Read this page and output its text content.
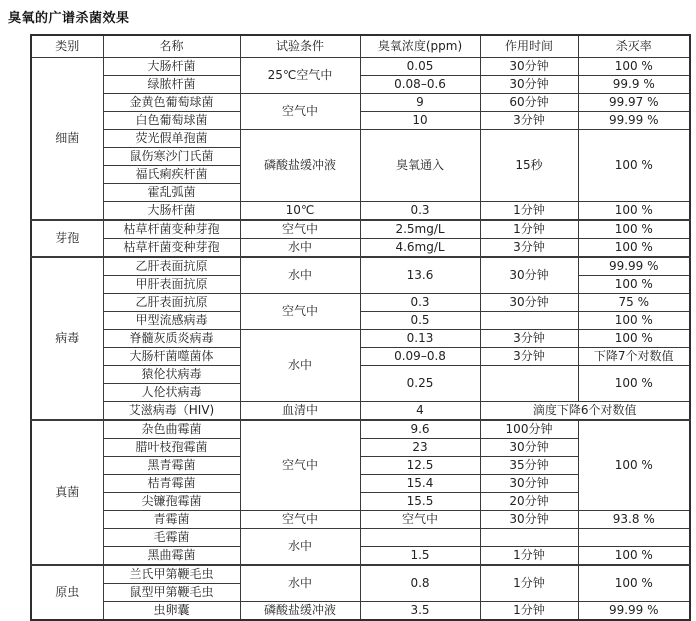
臭氧的广谱杀菌效果
类别	名称	试验条件	臭氧浓度(ppm)	作用时间	杀灭率
细菌	大肠杆菌	25℃空气中	0.05	30分钟	100 %
	绿脓杆菌		0.08–0.6	30分钟	99.9 %
	金黄色葡萄球菌	空气中	9	60分钟	99.97 %
	白色葡萄球菌		10	3分钟	99.99 %
	荧光假单孢菌	磷酸盐缓冲液	臭氧通入	15秒	100 %
	鼠伤寒沙门氏菌				
	福氏痢疾杆菌				
	霍乱弧菌				
	大肠杆菌	10℃	0.3	1分钟	100 %
芽孢	枯草杆菌变种芽孢	空气中	2.5mg/L	1分钟	100 %
	枯草杆菌变种芽孢	水中	4.6mg/L	3分钟	100 %
病毒	乙肝表面抗原	水中	13.6	30分钟	99.99 %
	甲肝表面抗原				100 %
	乙肝表面抗原	空气中	0.3	30分钟	75 %
	甲型流感病毒		0.5		100 %
	脊髓灰质炎病毒	水中	0.13	3分钟	100 %
	大肠杆菌噬菌体		0.09–0.8	3分钟	下降7个对数值
	猿伦状病毒		0.25		100 %
	人伦状病毒				
	艾滋病毒（HIV)	血清中	4	滴度下降6个对数值	
真菌	杂色曲霉菌	空气中	9.6	100分钟	100 %
	腊叶枝孢霉菌		23	30分钟	
	黑青霉菌		12.5	35分钟	
	桔青霉菌		15.4	30分钟	
	尖镰孢霉菌		15.5	20分钟	
	青霉菌	空气中	空气中	30分钟	93.8 %
	毛霉菌	水中			
	黑曲霉菌		1.5	1分钟	100 %
原虫	兰氏甲第鞭毛虫	水中	0.8	1分钟	100 %
	鼠型甲第鞭毛虫				
	虫卵囊	磷酸盐缓冲液	3.5	1分钟	99.99 %
